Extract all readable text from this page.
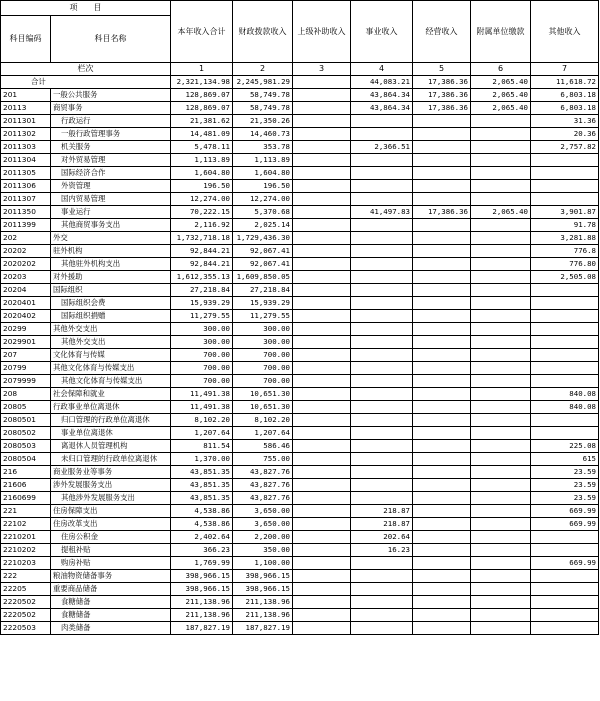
项　　目		本年收入合计	财政拨款收入	上级补助收入	事业收入	经营收入	附属单位缴款	其他收入
科目编码	科目名称							
栏次		1	2	3	4	5	6	7
合计		2,321,134.98	2,245,981.29		44,083.21	17,386.36	2,065.40	11,618.72
201	一般公共服务	128,869.07	58,749.78		43,864.34	17,386.36	2,065.40	6,803.18
20113	商贸事务	128,869.07	58,749.78		43,864.34	17,386.36	2,065.40	6,803.18
2011301	行政运行	21,381.62	21,350.26					31.36
2011302	一般行政管理事务	14,481.09	14,460.73					20.36
2011303	机关服务	5,478.11	353.78		2,366.51			2,757.82
2011304	对外贸易管理	1,113.89	1,113.89					
2011305	国际经济合作	1,604.80	1,604.80					
2011306	外资管理	196.50	196.50					
2011307	国内贸易管理	12,274.00	12,274.00					
2011350	事业运行	70,222.15	5,370.68		41,497.83	17,386.36	2,065.40	3,901.87
2011399	其他商贸事务支出	2,116.92	2,025.14					91.78
202	外交	1,732,718.18	1,729,436.30					3,281.88
20202	驻外机构	92,844.21	92,067.41					776.8
2020202	其他驻外机构支出	92,844.21	92,067.41					776.80
20203	对外援助	1,612,355.13	1,609,850.05					2,505.08
20204	国际组织	27,218.84	27,218.84					
2020401	国际组织会费	15,939.29	15,939.29					
2020402	国际组织捐赠	11,279.55	11,279.55					
20299	其他外交支出	300.00	300.00					
2029901	其他外交支出	300.00	300.00					
207	文化体育与传媒	700.00	700.00					
20799	其他文化体育与传媒支出	700.00	700.00					
2079999	其他文化体育与传媒支出	700.00	700.00					
208	社会保障和就业	11,491.38	10,651.30					840.08
20805	行政事业单位离退休	11,491.38	10,651.30					840.08
2080501	归口管理的行政单位离退休	8,102.20	8,102.20					
2080502	事业单位离退休	1,207.64	1,207.64					
2080503	离退休人员管理机构	811.54	586.46					225.08
2080504	未归口管理的行政单位离退休	1,370.00	755.00					615
216	商业服务业等事务	43,851.35	43,827.76					23.59
21606	涉外发展服务支出	43,851.35	43,827.76					23.59
2160699	其他涉外发展服务支出	43,851.35	43,827.76					23.59
221	住房保障支出	4,538.86	3,650.00		218.87			669.99
22102	住房改革支出	4,538.86	3,650.00		218.87			669.99
2210201	住房公积金	2,402.64	2,200.00		202.64			
2210202	提租补贴	366.23	350.00		16.23			
2210203	购房补贴	1,769.99	1,100.00					669.99
222	粮油物资储备事务	398,966.15	398,966.15					
22205	重要商品储备	398,966.15	398,966.15					
2220502	食糖储备	211,138.96	211,138.96					
2220502	食糖储备	211,138.96	211,138.96					
2220503	肉类储备	187,827.19	187,827.19					
